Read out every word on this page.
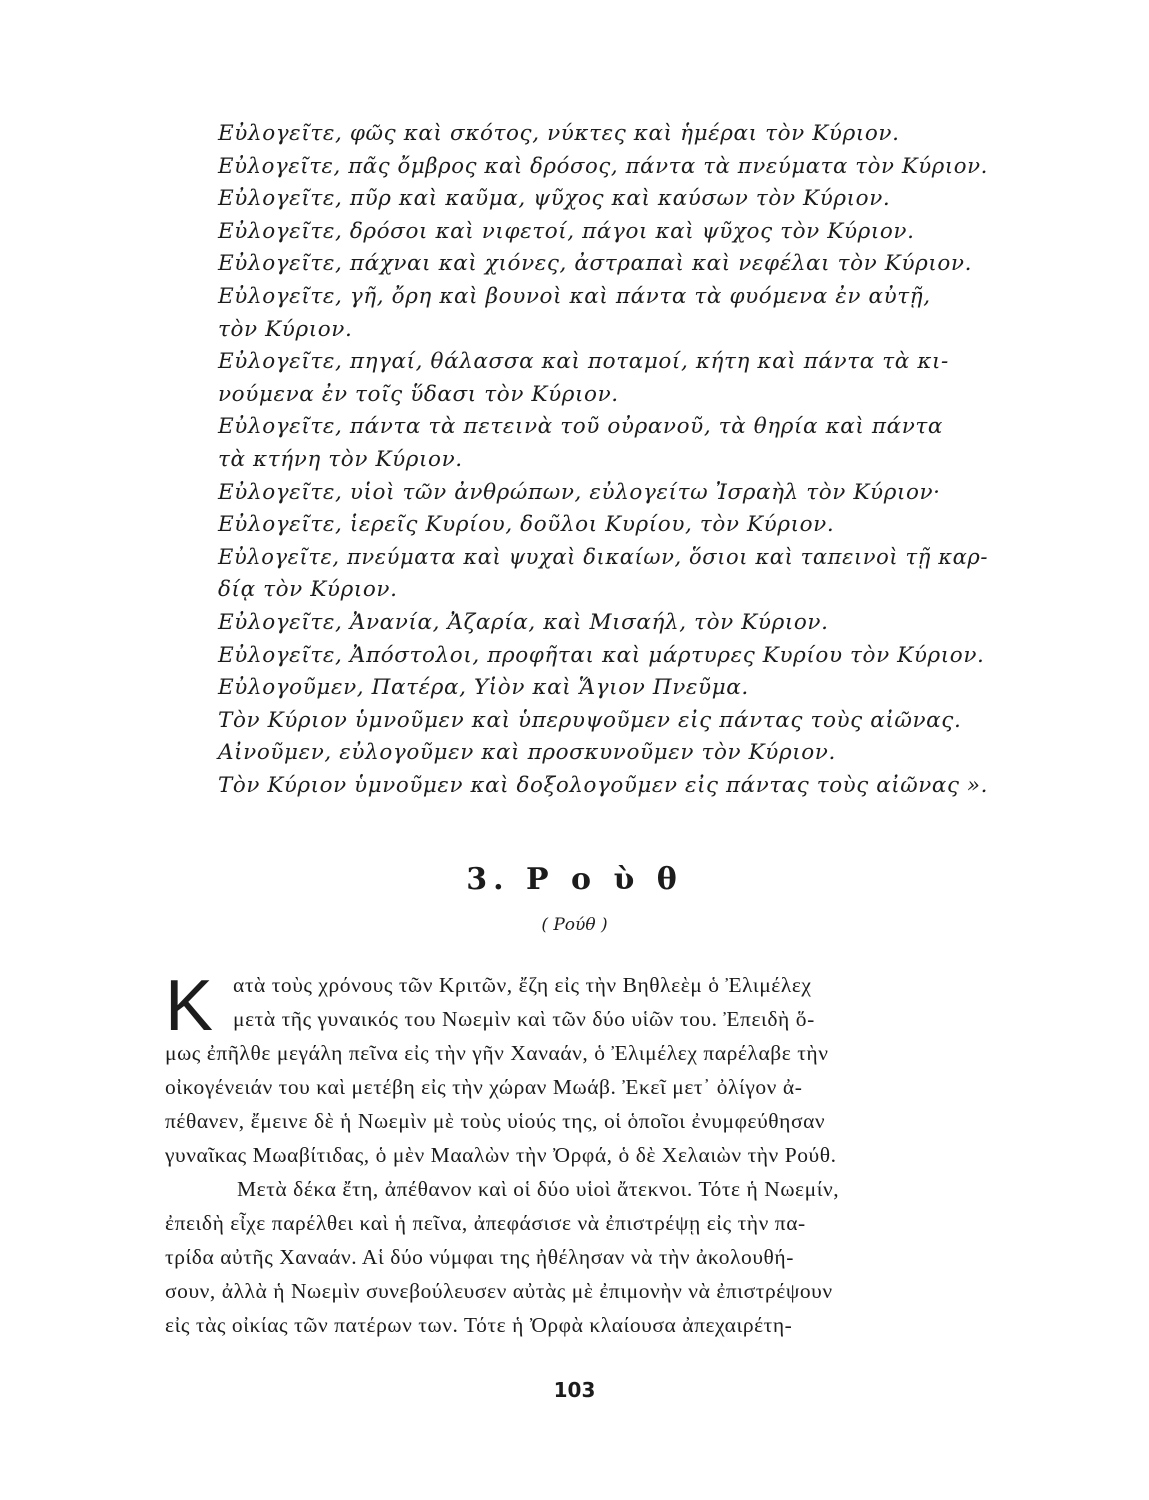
Εὐλογεῖτε, φῶς καὶ σκότος, νύκτες καὶ ἡμέραι τὸν Κύριον.
Εὐλογεῖτε, πᾶς ὄμβρος καὶ δρόσος, πάντα τὰ πνεύματα τὸν Κύριον.
Εὐλογεῖτε, πῦρ καὶ καῦμα, ψῦχος καὶ καύσων τὸν Κύριον.
Εὐλογεῖτε, δρόσοι καὶ νιφετοί, πάγοι καὶ ψῦχος τὸν Κύριον.
Εὐλογεῖτε, πάχναι καὶ χιόνες, ἀστραπαὶ καὶ νεφέλαι τὸν Κύριον.
Εὐλογεῖτε, γῆ, ὄρη καὶ βουνοὶ καὶ πάντα τὰ φυόμενα ἐν αὐτῇ,
τὸν Κύριον.
Εὐλογεῖτε, πηγαί, θάλασσα καὶ ποταμοί, κήτη καὶ πάντα τὰ κι-
νούμενα ἐν τοῖς ὕδασι τὸν Κύριον.
Εὐλογεῖτε, πάντα τὰ πετεινὰ τοῦ οὐρανοῦ, τὰ θηρία καὶ πάντα
τὰ κτήνη τὸν Κύριον.
Εὐλογεῖτε, υἱοὶ τῶν ἀνθρώπων, εὐλογείτω Ἰσραὴλ τὸν Κύριον·
Εὐλογεῖτε, ἱερεῖς Κυρίου, δοῦλοι Κυρίου, τὸν Κύριον.
Εὐλογεῖτε, πνεύματα καὶ ψυχαὶ δικαίων, ὅσιοι καὶ ταπεινοὶ τῇ καρ-
δίᾳ τὸν Κύριον.
Εὐλογεῖτε, Ἀνανία, Ἀζαρία, καὶ Μισαήλ, τὸν Κύριον.
Εὐλογεῖτε, Ἀπόστολοι, προφῆται καὶ μάρτυρες Κυρίου τὸν Κύριον.
Εὐλογοῦμεν, Πατέρα, Υἱὸν καὶ Ἅγιον Πνεῦμα.
Τὸν Κύριον ὑμνοῦμεν καὶ ὑπερυψοῦμεν εἰς πάντας τοὺς αἰῶνας.
Αἰνοῦμεν, εὐλογοῦμεν καὶ προσκυνοῦμεν τὸν Κύριον.
Τὸν Κύριον ὑμνοῦμεν καὶ δοξολογοῦμεν εἰς πάντας τοὺς αἰῶνας ».
3. Ρ ο ὺ θ
( Ρούθ )
Κ ατὰ τοὺς χρόνους τῶν Κριτῶν, ἔζη εἰς τὴν Βηθλεὲμ ὁ Ἐλιμέλεχ
μετὰ τῆς γυναικός του Νωεμὶν καὶ τῶν δύο υἱῶν του. Ἐπειδὴ ὅ-
μως ἐπῆλθε μεγάλη πεῖνα εἰς τὴν γῆν Χαναάν, ὁ Ἐλιμέλεχ παρέλαβε τὴν
οἰκογένειάν του καὶ μετέβη εἰς τὴν χώραν Μωάβ. Ἐκεῖ μετ᾿ ὀλίγον ἀ-
πέθανεν, ἔμεινε δὲ ἡ Νωεμὶν μὲ τοὺς υἱούς της, οἱ ὁποῖοι ἐνυμφεύθησαν
γυναῖκας Μωαβίτιδας, ὁ μὲν Μααλὼν τὴν Ὀρφά, ὁ δὲ Χελαιὼν τὴν Ρούθ.
Μετὰ δέκα ἔτη, ἀπέθανον καὶ οἱ δύο υἱοὶ ἄτεκνοι. Τότε ἡ Νωεμίν,
ἐπειδὴ εἶχε παρέλθει καὶ ἡ πεῖνα, ἀπεφάσισε νὰ ἐπιστρέψῃ εἰς τὴν πα-
τρίδα αὐτῆς Χαναάν. Αἱ δύο νύμφαι της ἠθέλησαν νὰ τὴν ἀκολουθή-
σουν, ἀλλὰ ἡ Νωεμὶν συνεβούλευσεν αὐτὰς μὲ ἐπιμονὴν νὰ ἐπιστρέψουν
εἰς τὰς οἰκίας τῶν πατέρων των. Τότε ἡ Ὀρφὰ κλαίουσα ἀπεχαιρέτη-
103
